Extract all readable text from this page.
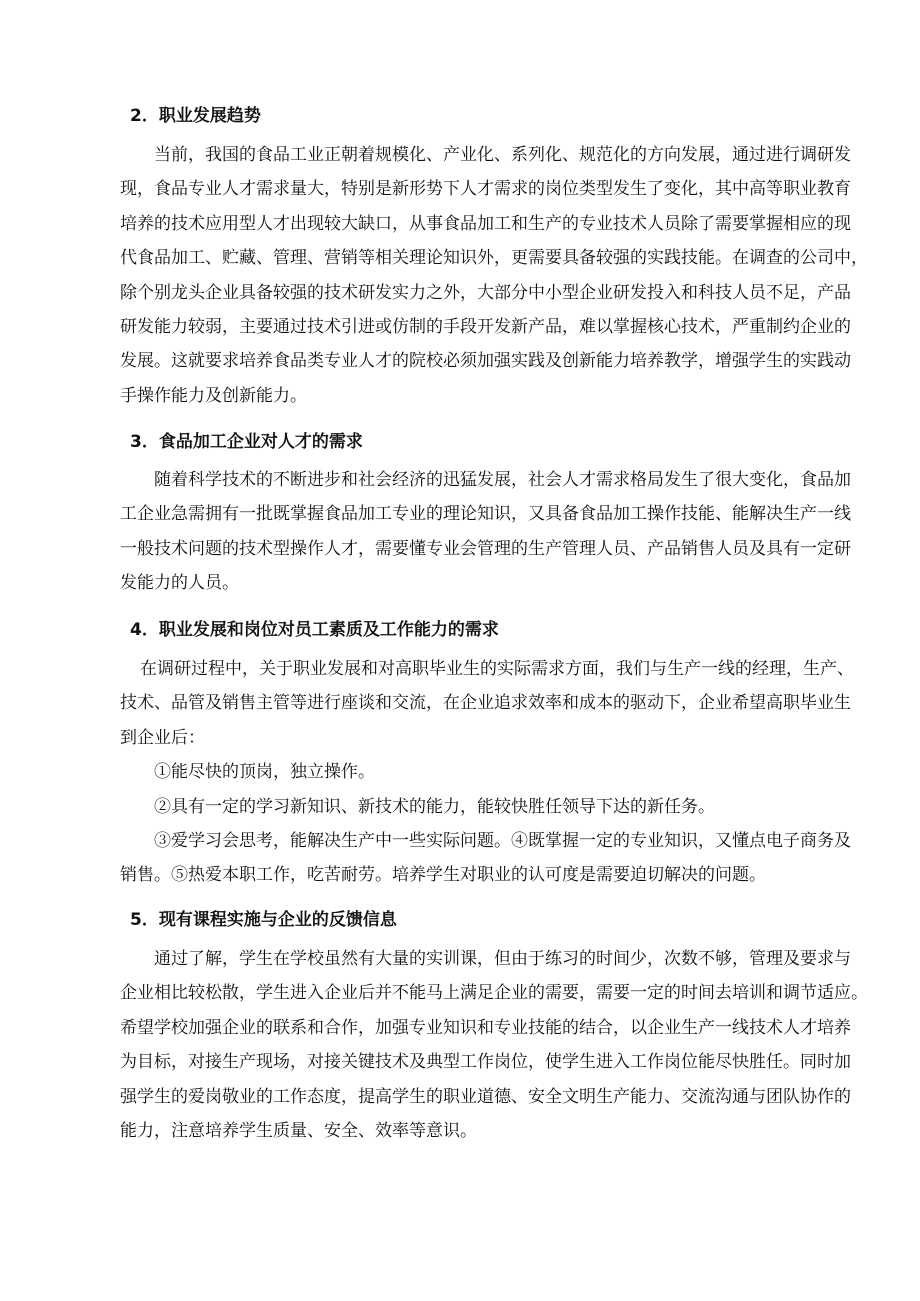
2．职业发展趋势
当前，我国的食品工业正朝着规模化、产业化、系列化、规范化的方向发展，通过进行调研发
现，食品专业人才需求量大，特别是新形势下人才需求的岗位类型发生了变化，其中高等职业教育
培养的技术应用型人才出现较大缺口，从事食品加工和生产的专业技术人员除了需要掌握相应的现
代食品加工、贮藏、管理、营销等相关理论知识外，更需要具备较强的实践技能。在调查的公司中，
除个别龙头企业具备较强的技术研发实力之外，大部分中小型企业研发投入和科技人员不足，产品
研发能力较弱，主要通过技术引进或仿制的手段开发新产品，难以掌握核心技术，严重制约企业的
发展。这就要求培养食品类专业人才的院校必须加强实践及创新能力培养教学，增强学生的实践动
手操作能力及创新能力。
3．食品加工企业对人才的需求
随着科学技术的不断进步和社会经济的迅猛发展，社会人才需求格局发生了很大变化，食品加
工企业急需拥有一批既掌握食品加工专业的理论知识，又具备食品加工操作技能、能解决生产一线
一般技术问题的技术型操作人才，需要懂专业会管理的生产管理人员、产品销售人员及具有一定研
发能力的人员。
4．职业发展和岗位对员工素质及工作能力的需求
在调研过程中，关于职业发展和对高职毕业生的实际需求方面，我们与生产一线的经理，生产、
技术、品管及销售主管等进行座谈和交流，在企业追求效率和成本的驱动下，企业希望高职毕业生
到企业后：
①能尽快的顶岗，独立操作。
②具有一定的学习新知识、新技术的能力，能较快胜任领导下达的新任务。
③爱学习会思考，能解决生产中一些实际问题。④既掌握一定的专业知识，又懂点电子商务及
销售。⑤热爱本职工作，吃苦耐劳。培养学生对职业的认可度是需要迫切解决的问题。
5．现有课程实施与企业的反馈信息
通过了解，学生在学校虽然有大量的实训课，但由于练习的时间少，次数不够，管理及要求与
企业相比较松散，学生进入企业后并不能马上满足企业的需要，需要一定的时间去培训和调节适应。
希望学校加强企业的联系和合作，加强专业知识和专业技能的结合，以企业生产一线技术人才培养
为目标，对接生产现场，对接关键技术及典型工作岗位，使学生进入工作岗位能尽快胜任。同时加
强学生的爱岗敬业的工作态度，提高学生的职业道德、安全文明生产能力、交流沟通与团队协作的
能力，注意培养学生质量、安全、效率等意识。
